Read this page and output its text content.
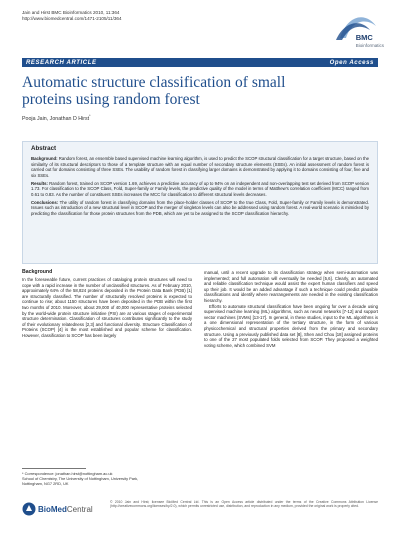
Jain and Hirst BMC Bioinformatics 2010, 11:364
http://www.biomedcentral.com/1471-2105/11/364
BMC
Bioinformatics
RESEARCH ARTICLE	Open Access
Automatic structure classification of small proteins using random forest
Pooja Jain, Jonathan D Hirst*
Abstract

Background: Random forest, an ensemble based supervised machine learning algorithm, is used to predict the SCOP structural classification for a target structure, based on the similarity of its structural descriptors to those of a template structure with an equal number of secondary structure elements (SSEs). An initial assessment of random forest is carried out for domains consisting of three SSEs. The usability of random forest in classifying larger domains is demonstrated by applying it to domains consisting of four, five and six SSEs.

Results: Random forest, trained on SCOP version 1.69, achieves a predictive accuracy of up to 94% on an independent and non-overlapping test set derived from SCOP version 1.73. For classification to the SCOP Class, Fold, Super-family or Family levels, the predictive quality of the model in terms of Matthew's correlation coefficient (MCC) ranged from 0.61 to 0.83. As the number of constituent SSEs increases the MCC for classification to different structural levels decreases.

Conclusions: The utility of random forest in classifying domains from the place-holder classes of SCOP to the true Class, Fold, Super-family or Family levels is demonstrated. Issues such as introduction of a new structural level in SCOP and the merger of singleton levels can also be addressed using random forest. A real-world scenario is mimicked by predicting the classification for those protein structures from the PDB, which are yet to be assigned to the SCOP classification hierarchy.

Background

In the foreseeable future, current practices of cataloging protein structures will need to cope with a rapid increase in the number of unclassified structures. As of February 2010, approximately 64% of the 58,824 proteins deposited in the Protein Data Bank (PDB) [1] are structurally classified. The number of structurally resolved proteins is expected to continue to rise; about 1150 structures have been deposited in the PDB within the first two months of 2010. Moreover, about 29,000 of 40,000 representative proteins selected by the world-wide protein structure initiative (PSI) are at various stages of experimental structure determination. Classification of structures contributes significantly to the study of their evolutionary relatedness [2,3] and functional diversity. Structure Classification of Proteins (SCOP) [4] is the most established and popular scheme for classification. However, classification to SCOP has been largely

manual, until a recent upgrade to its classification strategy when semi-automation was implemented; and full automation will eventually be needed [5,6]. Clearly, an automated and reliable classification technique would assist the expert human classifiers and speed up their job. It would be an added advantage if such a technique could predict plausible classifications and identify where rearrangements are needed in the existing classification hierarchy.

Efforts to automate structural classification have been ongoing for over a decade using supervised machine learning (ML) algorithms, such as neural networks [7-12] and support vector machines (SVMs) [13-17]. In general, in these studies, input to the ML algorithms is a one dimensional representation of the tertiary structure, in the form of various physicochemical and structural properties derived from the primary and secondary structure. Using a previously published data set [8], Shen and Chou [18] assigned proteins to one of the 27 most populated folds selected from SCOP. They proposed a weighted voting scheme, which combined SVM

* Correspondence: jonathan.hirst@nottingham.ac.uk
School of Chemistry, The University of Nottingham, University Park,
Nottingham, NG7 2RD, UK
BioMedCentral
© 2010 Jain and Hirst; licensee BioMed Central Ltd. This is an Open Access article distributed under the terms of the Creative Commons Attribution License (http://creativecommons.org/licenses/by/2.0), which permits unrestricted use, distribution, and reproduction in any medium, provided the original work is properly cited.
